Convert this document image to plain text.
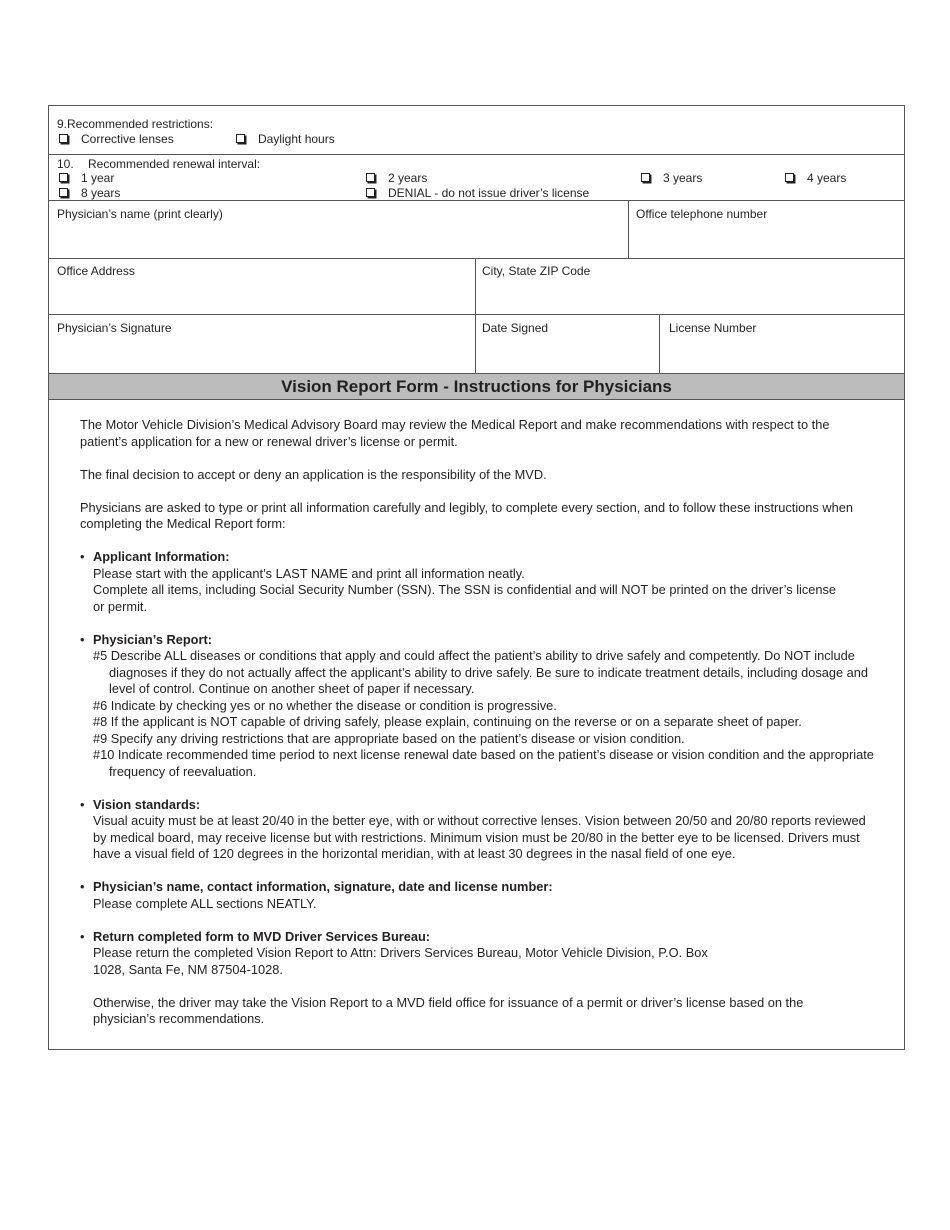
9.Recommended restrictions:
Corrective lenses	Daylight hours
10. Recommended renewal interval:
1 year
8 years
2 years
DENIAL - do not issue driver’s license
3 years	4 years
Physician’s name (print clearly)	Office telephone number
Office Address	City, State ZIP Code
Physician’s Signature	Date Signed	License Number
Vision Report Form - Instructions for Physicians

The Motor Vehicle Division’s Medical Advisory Board may review the Medical Report and make recommendations with respect to the patient’s application for a new or renewal driver’s license or permit.

The final decision to accept or deny an application is the responsibility of the MVD.

Physicians are asked to type or print all information carefully and legibly, to complete every section, and to follow these instructions when completing the Medical Report form:

• Applicant Information:
Please start with the applicant’s LAST NAME and print all information neatly.
Complete all items, including Social Security Number (SSN). The SSN is confidential and will NOT be printed on the driver’s license or permit.
• Physician’s Report:
#5 Describe ALL diseases or conditions that apply and could affect the patient’s ability to drive safely and competently. Do NOT include diagnoses if they do not actually affect the applicant’s ability to drive safely. Be sure to indicate treatment details, including dosage and level of control. Continue on another sheet of paper if necessary.
#6 Indicate by checking yes or no whether the disease or condition is progressive.
#8 If the applicant is NOT capable of driving safely, please explain, continuing on the reverse or on a separate sheet of paper.
#9 Specify any driving restrictions that are appropriate based on the patient’s disease or vision condition.
#10 Indicate recommended time period to next license renewal date based on the patient’s disease or vision condition and the appropriate frequency of reevaluation.
• Vision standards:
Visual acuity must be at least 20/40 in the better eye, with or without corrective lenses. Vision between 20/50 and 20/80 reports reviewed by medical board, may receive license but with restrictions. Minimum vision must be 20/80 in the better eye to be licensed. Drivers must have a visual field of 120 degrees in the horizontal meridian, with at least 30 degrees in the nasal field of one eye.
• Physician’s name, contact information, signature, date and license number:
Please complete ALL sections NEATLY.
• Return completed form to MVD Driver Services Bureau:
Please return the completed Vision Report to Attn: Drivers Services Bureau, Motor Vehicle Division, P.O. Box 1028, Santa Fe, NM 87504-1028.
Otherwise, the driver may take the Vision Report to a MVD field office for issuance of a permit or driver’s license based on the physician’s recommendations.
